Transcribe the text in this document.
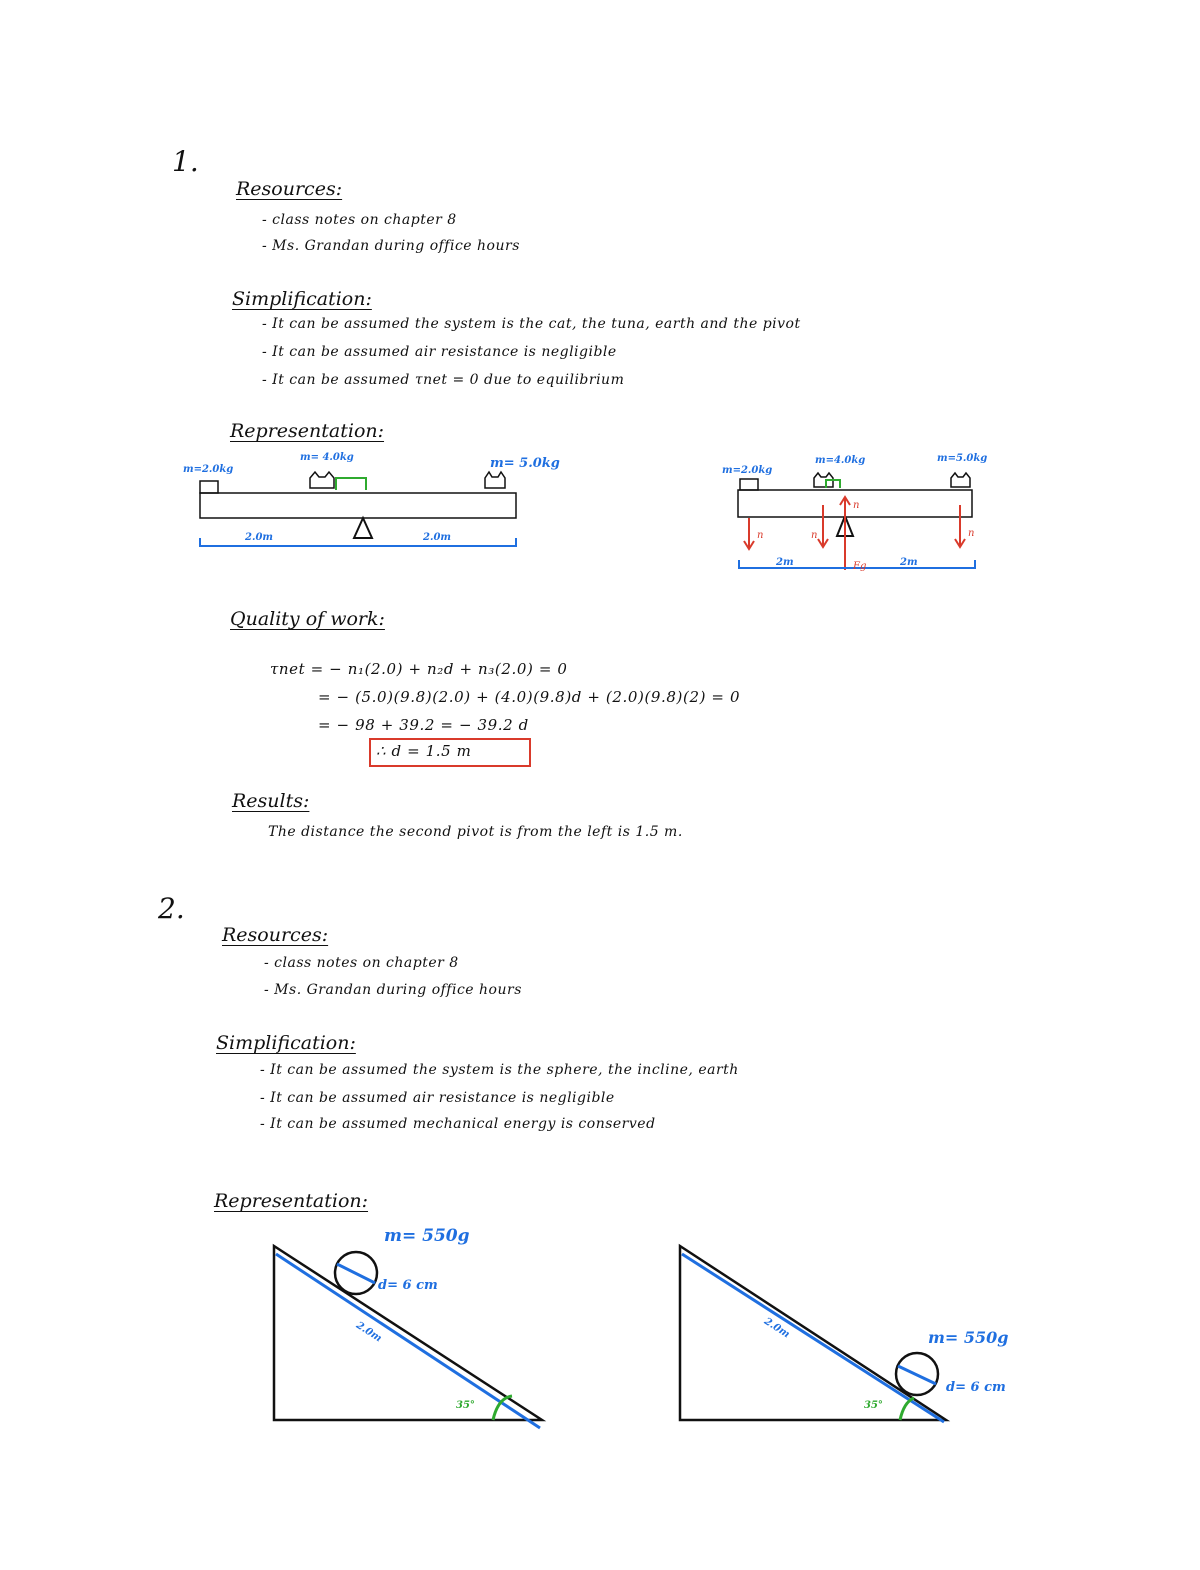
1.
Resources:
- class notes on chapter 8
- Ms. Grandan during office hours
Simplification:
- It can be assumed the system is the cat, the tuna, earth and the pivot
- It can be assumed air resistance is negligible
- It can be assumed τnet = 0 due to equilibrium
Representation:
m=2.0kg
m= 4.0kg	m= 5.0kg
2.0m	2.0m
m=2.0kg
m=4.0kg	m=5.0kg
n
n	n	n
Fg
2m	2m
Quality of work:
τnet = − n₁(2.0) + n₂d + n₃(2.0) = 0
= − (5.0)(9.8)(2.0) + (4.0)(9.8)d + (2.0)(9.8)(2) = 0
= − 98 + 39.2 = − 39.2 d
∴ d = 1.5 m
Results:
The distance the second pivot is from the left is 1.5 m.
2.
Resources:
- class notes on chapter 8
- Ms. Grandan during office hours
Simplification:
- It can be assumed the system is the sphere, the incline, earth
- It can be assumed air resistance is negligible
- It can be assumed mechanical energy is conserved
Representation:
m= 550g
d= 6 cm
2.0m
35°
m= 550g
d= 6 cm
2.0m
35°
